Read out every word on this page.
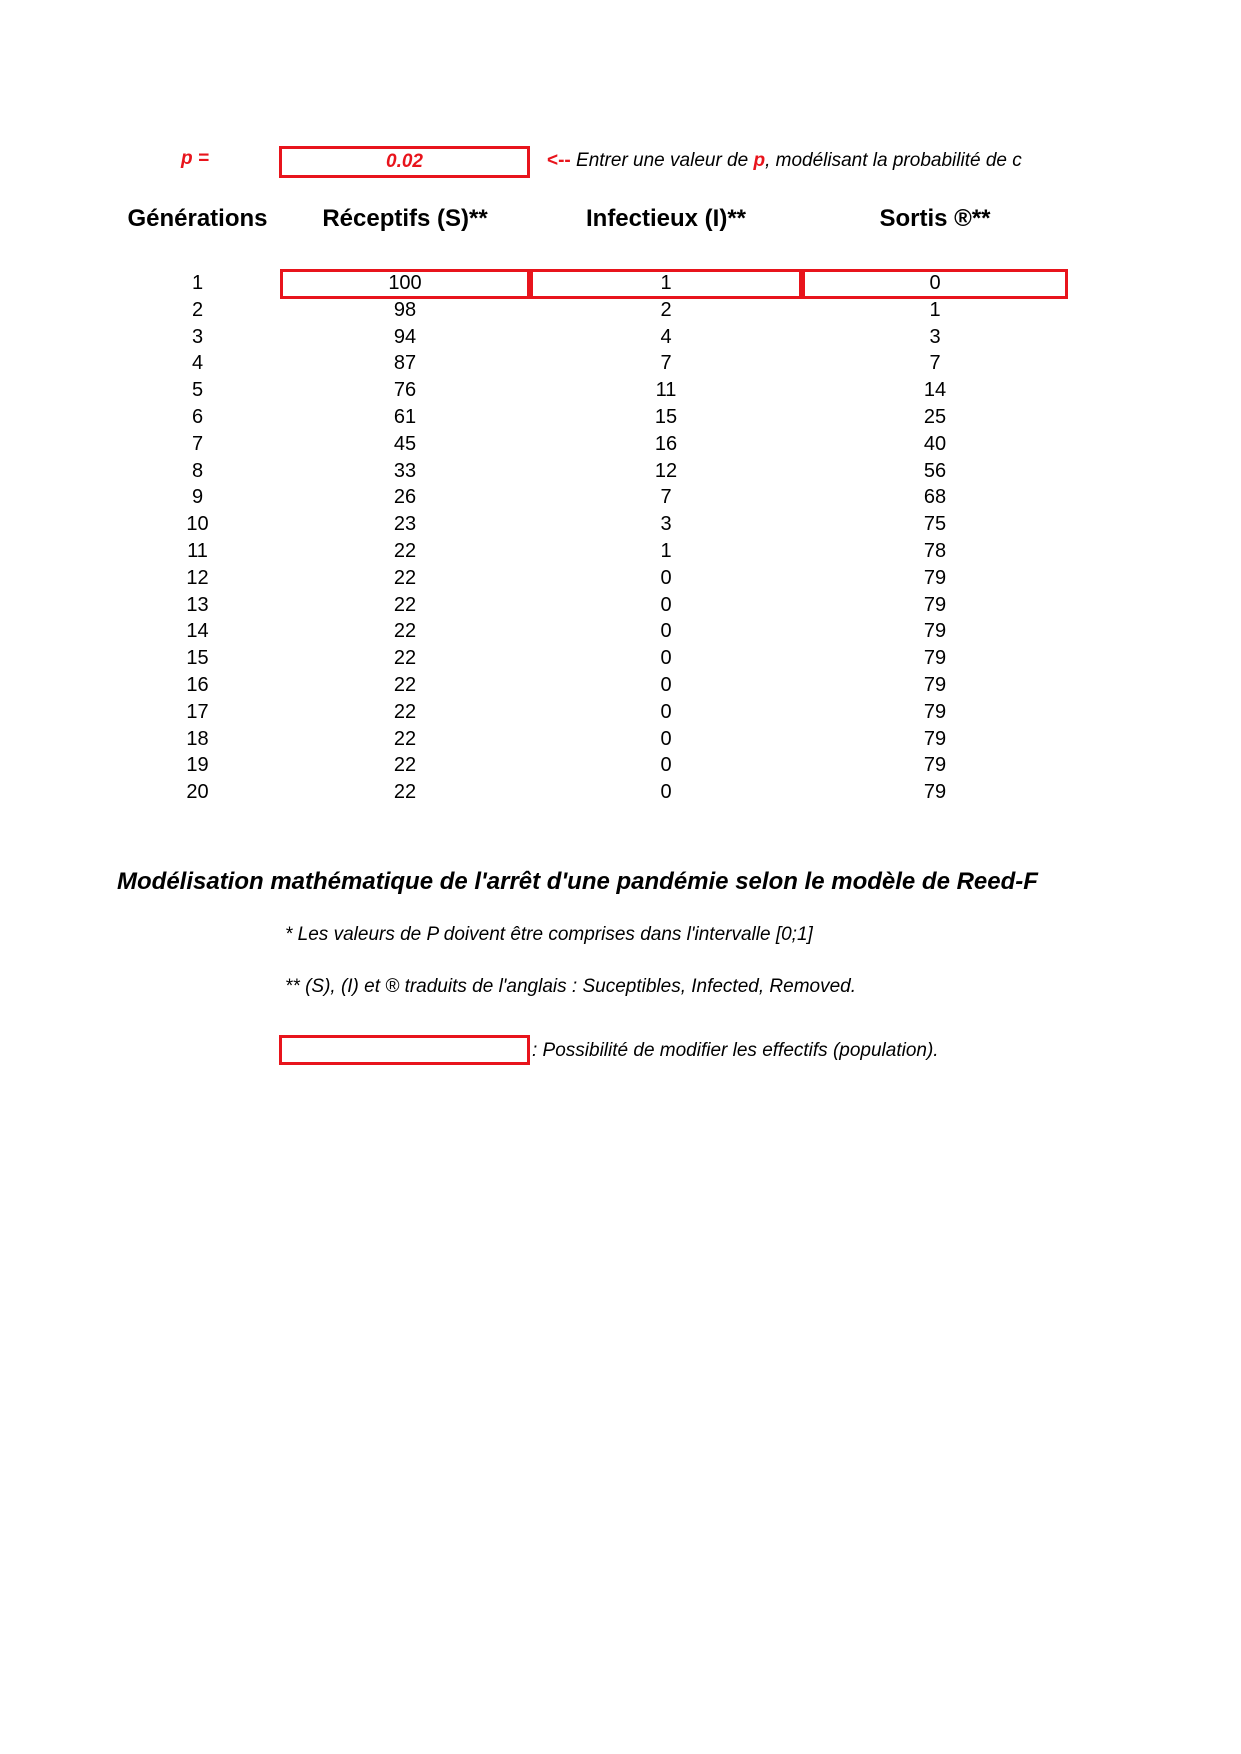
p =	0.02	<-- Entrer une valeur de p, modélisant la probabilité de c
Générations	Réceptifs (S)**	Infectieux (I)**	Sortis ®**
1	100	1	0
2	98	2	1
3	94	4	3
4	87	7	7
5	76	11	14
6	61	15	25
7	45	16	40
8	33	12	56
9	26	7	68
10	23	3	75
11	22	1	78
12	22	0	79
13	22	0	79
14	22	0	79
15	22	0	79
16	22	0	79
17	22	0	79
18	22	0	79
19	22	0	79
20	22	0	79
Modélisation mathématique de l'arrêt d'une pandémie selon le modèle de Reed-F
* Les valeurs de P doivent être comprises dans l'intervalle [0;1]
** (S), (I) et ® traduits de l'anglais : Suceptibles, Infected, Removed.
: Possibilité de modifier les effectifs (population).
